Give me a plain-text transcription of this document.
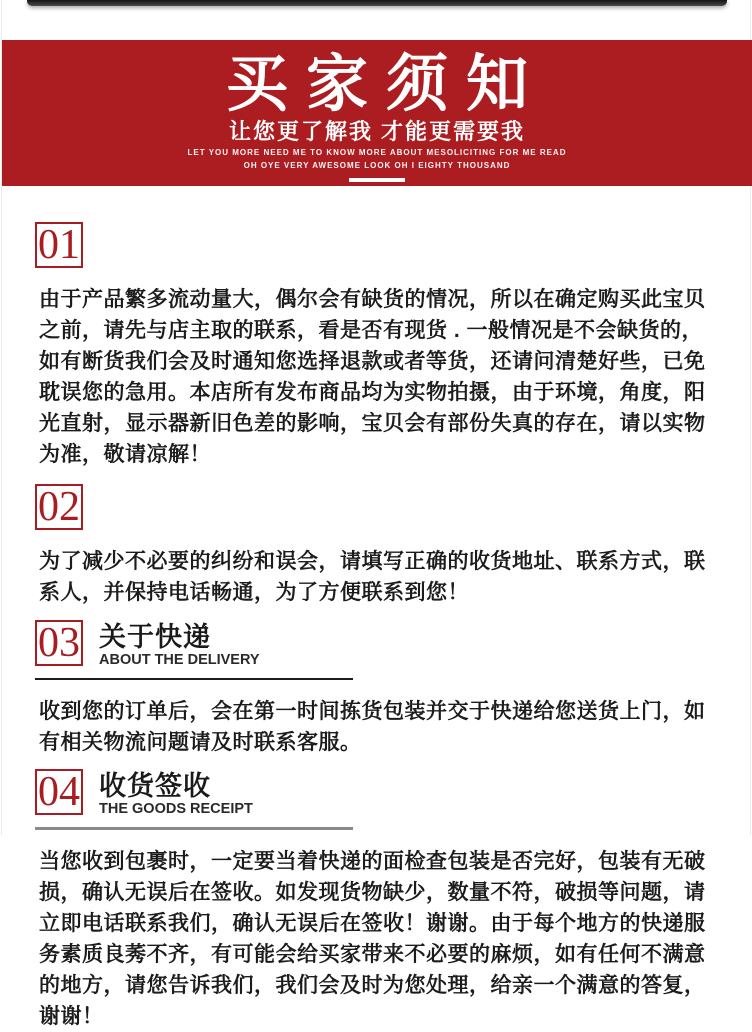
买家须知
让您更了解我 才能更需要我
LET YOU MORE NEED ME TO KNOW MORE ABOUT MESOLICITING FOR ME READ
OH OYE VERY AWESOME LOOK OH I EIGHTY THOUSAND
01
由于产品繁多流动量大，偶尔会有缺货的情况，所以在确定购买此宝贝之前，请先与店主取的联系，看是否有现货 . 一般情况是不会缺货的，如有断货我们会及时通知您选择退款或者等货，还请问清楚好些，已免耽误您的急用。本店所有发布商品均为实物拍摄，由于环境，角度，阳光直射，显示器新旧色差的影响，宝贝会有部份失真的存在，请以实物为准，敬请凉解！
02
为了减少不必要的纠纷和误会，请填写正确的收货地址、联系方式，联系人，并保持电话畅通，为了方便联系到您！
03 关于快递
ABOUT THE DELIVERY
收到您的订单后，会在第一时间拣货包装并交于快递给您送货上门，如有相关物流问题请及时联系客服。
04 收货签收
THE GOODS RECEIPT
当您收到包裹时，一定要当着快递的面检查包装是否完好，包装有无破损，确认无误后在签收。如发现货物缺少，数量不符，破损等问题，请立即电话联系我们，确认无误后在签收！谢谢。由于每个地方的快递服务素质良莠不齐，有可能会给买家带来不必要的麻烦，如有任何不满意的地方，请您告诉我们，我们会及时为您处理，给亲一个满意的答复，谢谢！
